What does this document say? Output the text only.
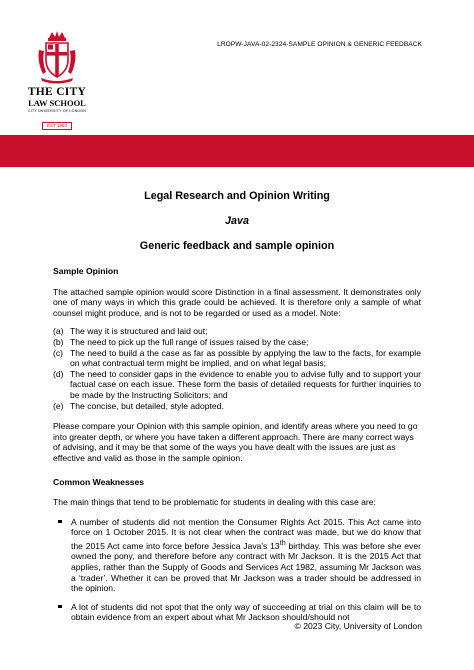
THE CITY
LAW SCHOOL
CITY UNIVERSITY OF LONDON
EST 1894
LROPW-JAVA-02-2324-SAMPLE OPINION & GENERIC FEEDBACK
Legal Research and Opinion Writing
Java
Generic feedback and sample opinion
Sample Opinion

The attached sample opinion would score Distinction in a final assessment. It demonstrates only one of many ways in which this grade could be achieved. It is therefore only a sample of what counsel might produce, and is not to be regarded or used as a model. Note:

(a) The way it is structured and laid out;
(b) The need to pick up the full range of issues raised by the case;
(c) The need to build a the case as far as possible by applying the law to the facts, for example on what contractual term might be implied, and on what legal basis;
(d) The need to consider gaps in the evidence to enable you to advise fully and to support your factual case on each issue. These form the basis of detailed requests for further inquiries to be made by the Instructing Solicitors; and
(e) The concise, but detailed, style adopted.

Please compare your Opinion with this sample opinion, and identify areas where you need to go into greater depth, or where you have taken a different approach. There are many correct ways of advising, and it may be that some of the ways you have dealt with the issues are just as effective and valid as those in the sample opinion.

Common Weaknesses

The main things that tend to be problematic for students in dealing with this case are:

A number of students did not mention the Consumer Rights Act 2015. This Act came into force on 1 October 2015. It is not clear when the contract was made, but we do know that the 2015 Act came into force before Jessica Java's 13th birthday. This was before she ever owned the pony, and therefore before any contract with Mr Jackson. It is the 2015 Act that applies, rather than the Supply of Goods and Services Act 1982, assuming Mr Jackson was a ‘trader’. Whether it can be proved that Mr Jackson was a trader should be addressed in the opinion.
A lot of students did not spot that the only way of succeeding at trial on this claim will be to obtain evidence from an expert about what Mr Jackson should/should not
© 2023 City, University of London
